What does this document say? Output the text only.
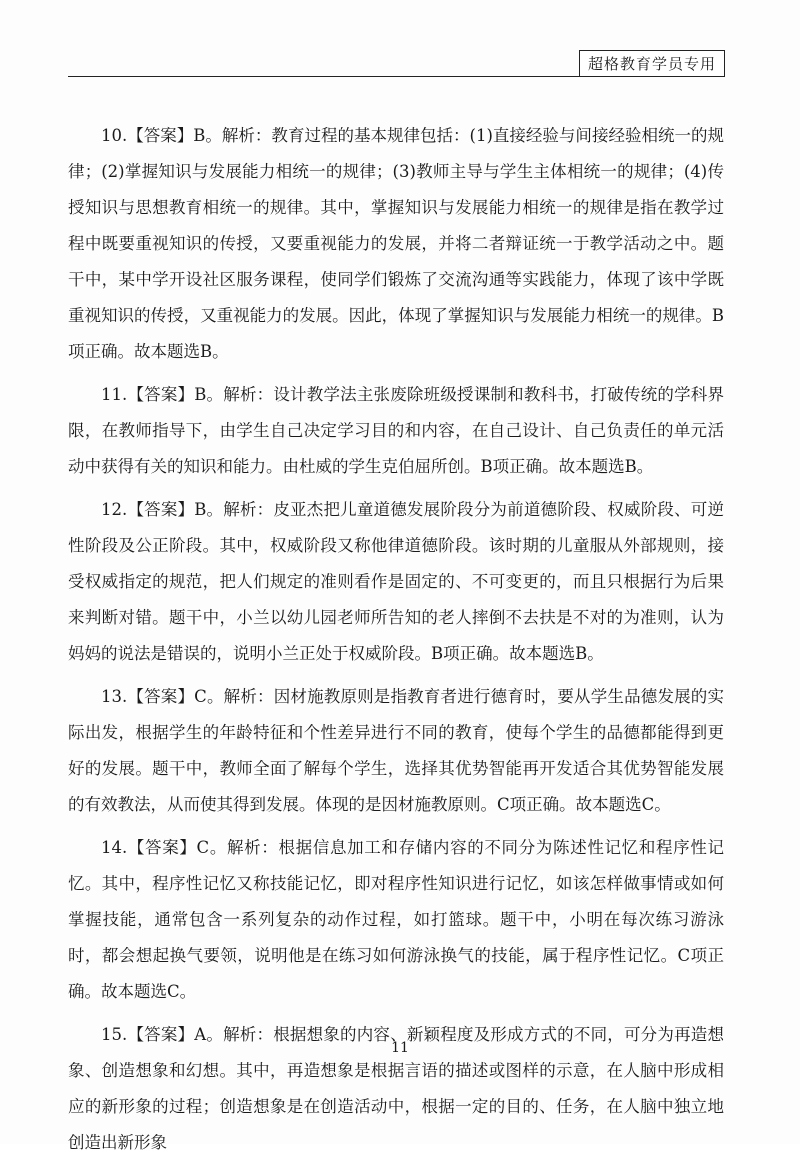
超格教育学员专用

10.【答案】B。解析：教育过程的基本规律包括：(1)直接经验与间接经验相统一的规律；(2)掌握知识与发展能力相统一的规律；(3)教师主导与学生主体相统一的规律；(4)传授知识与思想教育相统一的规律。其中，掌握知识与发展能力相统一的规律是指在教学过程中既要重视知识的传授，又要重视能力的发展，并将二者辩证统一于教学活动之中。题干中，某中学开设社区服务课程，使同学们锻炼了交流沟通等实践能力，体现了该中学既重视知识的传授，又重视能力的发展。因此，体现了掌握知识与发展能力相统一的规律。B项正确。故本题选B。

11.【答案】B。解析：设计教学法主张废除班级授课制和教科书，打破传统的学科界限，在教师指导下，由学生自己决定学习目的和内容，在自己设计、自己负责任的单元活动中获得有关的知识和能力。由杜威的学生克伯屈所创。B项正确。故本题选B。

12.【答案】B。解析：皮亚杰把儿童道德发展阶段分为前道德阶段、权威阶段、可逆性阶段及公正阶段。其中，权威阶段又称他律道德阶段。该时期的儿童服从外部规则，接受权威指定的规范，把人们规定的准则看作是固定的、不可变更的，而且只根据行为后果来判断对错。题干中，小兰以幼儿园老师所告知的老人摔倒不去扶是不对的为准则，认为妈妈的说法是错误的，说明小兰正处于权威阶段。B项正确。故本题选B。

13.【答案】C。解析：因材施教原则是指教育者进行德育时，要从学生品德发展的实际出发，根据学生的年龄特征和个性差异进行不同的教育，使每个学生的品德都能得到更好的发展。题干中，教师全面了解每个学生，选择其优势智能再开发适合其优势智能发展的有效教法，从而使其得到发展。体现的是因材施教原则。C项正确。故本题选C。

14.【答案】C。解析：根据信息加工和存储内容的不同分为陈述性记忆和程序性记忆。其中，程序性记忆又称技能记忆，即对程序性知识进行记忆，如该怎样做事情或如何掌握技能，通常包含一系列复杂的动作过程，如打篮球。题干中，小明在每次练习游泳时，都会想起换气要领，说明他是在练习如何游泳换气的技能，属于程序性记忆。C项正确。故本题选C。

15.【答案】A。解析：根据想象的内容、新颖程度及形成方式的不同，可分为再造想象、创造想象和幻想。其中，再造想象是根据言语的描述或图样的示意，在人脑中形成相应的新形象的过程；创造想象是在创造活动中，根据一定的目的、任务，在人脑中独立地创造出新形象

11
